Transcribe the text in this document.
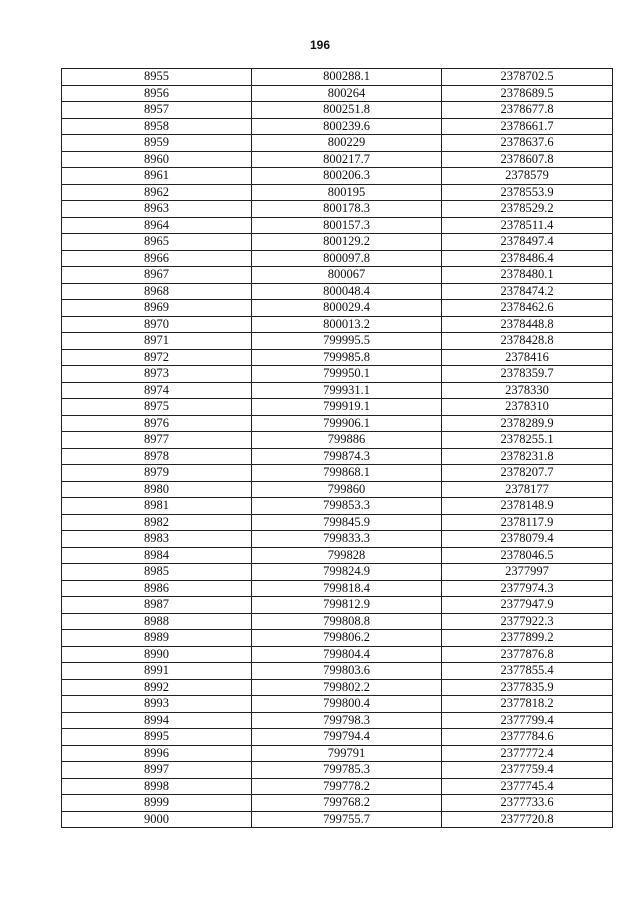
196
8955	800288.1	2378702.5
8956	800264	2378689.5
8957	800251.8	2378677.8
8958	800239.6	2378661.7
8959	800229	2378637.6
8960	800217.7	2378607.8
8961	800206.3	2378579
8962	800195	2378553.9
8963	800178.3	2378529.2
8964	800157.3	2378511.4
8965	800129.2	2378497.4
8966	800097.8	2378486.4
8967	800067	2378480.1
8968	800048.4	2378474.2
8969	800029.4	2378462.6
8970	800013.2	2378448.8
8971	799995.5	2378428.8
8972	799985.8	2378416
8973	799950.1	2378359.7
8974	799931.1	2378330
8975	799919.1	2378310
8976	799906.1	2378289.9
8977	799886	2378255.1
8978	799874.3	2378231.8
8979	799868.1	2378207.7
8980	799860	2378177
8981	799853.3	2378148.9
8982	799845.9	2378117.9
8983	799833.3	2378079.4
8984	799828	2378046.5
8985	799824.9	2377997
8986	799818.4	2377974.3
8987	799812.9	2377947.9
8988	799808.8	2377922.3
8989	799806.2	2377899.2
8990	799804.4	2377876.8
8991	799803.6	2377855.4
8992	799802.2	2377835.9
8993	799800.4	2377818.2
8994	799798.3	2377799.4
8995	799794.4	2377784.6
8996	799791	2377772.4
8997	799785.3	2377759.4
8998	799778.2	2377745.4
8999	799768.2	2377733.6
9000	799755.7	2377720.8
